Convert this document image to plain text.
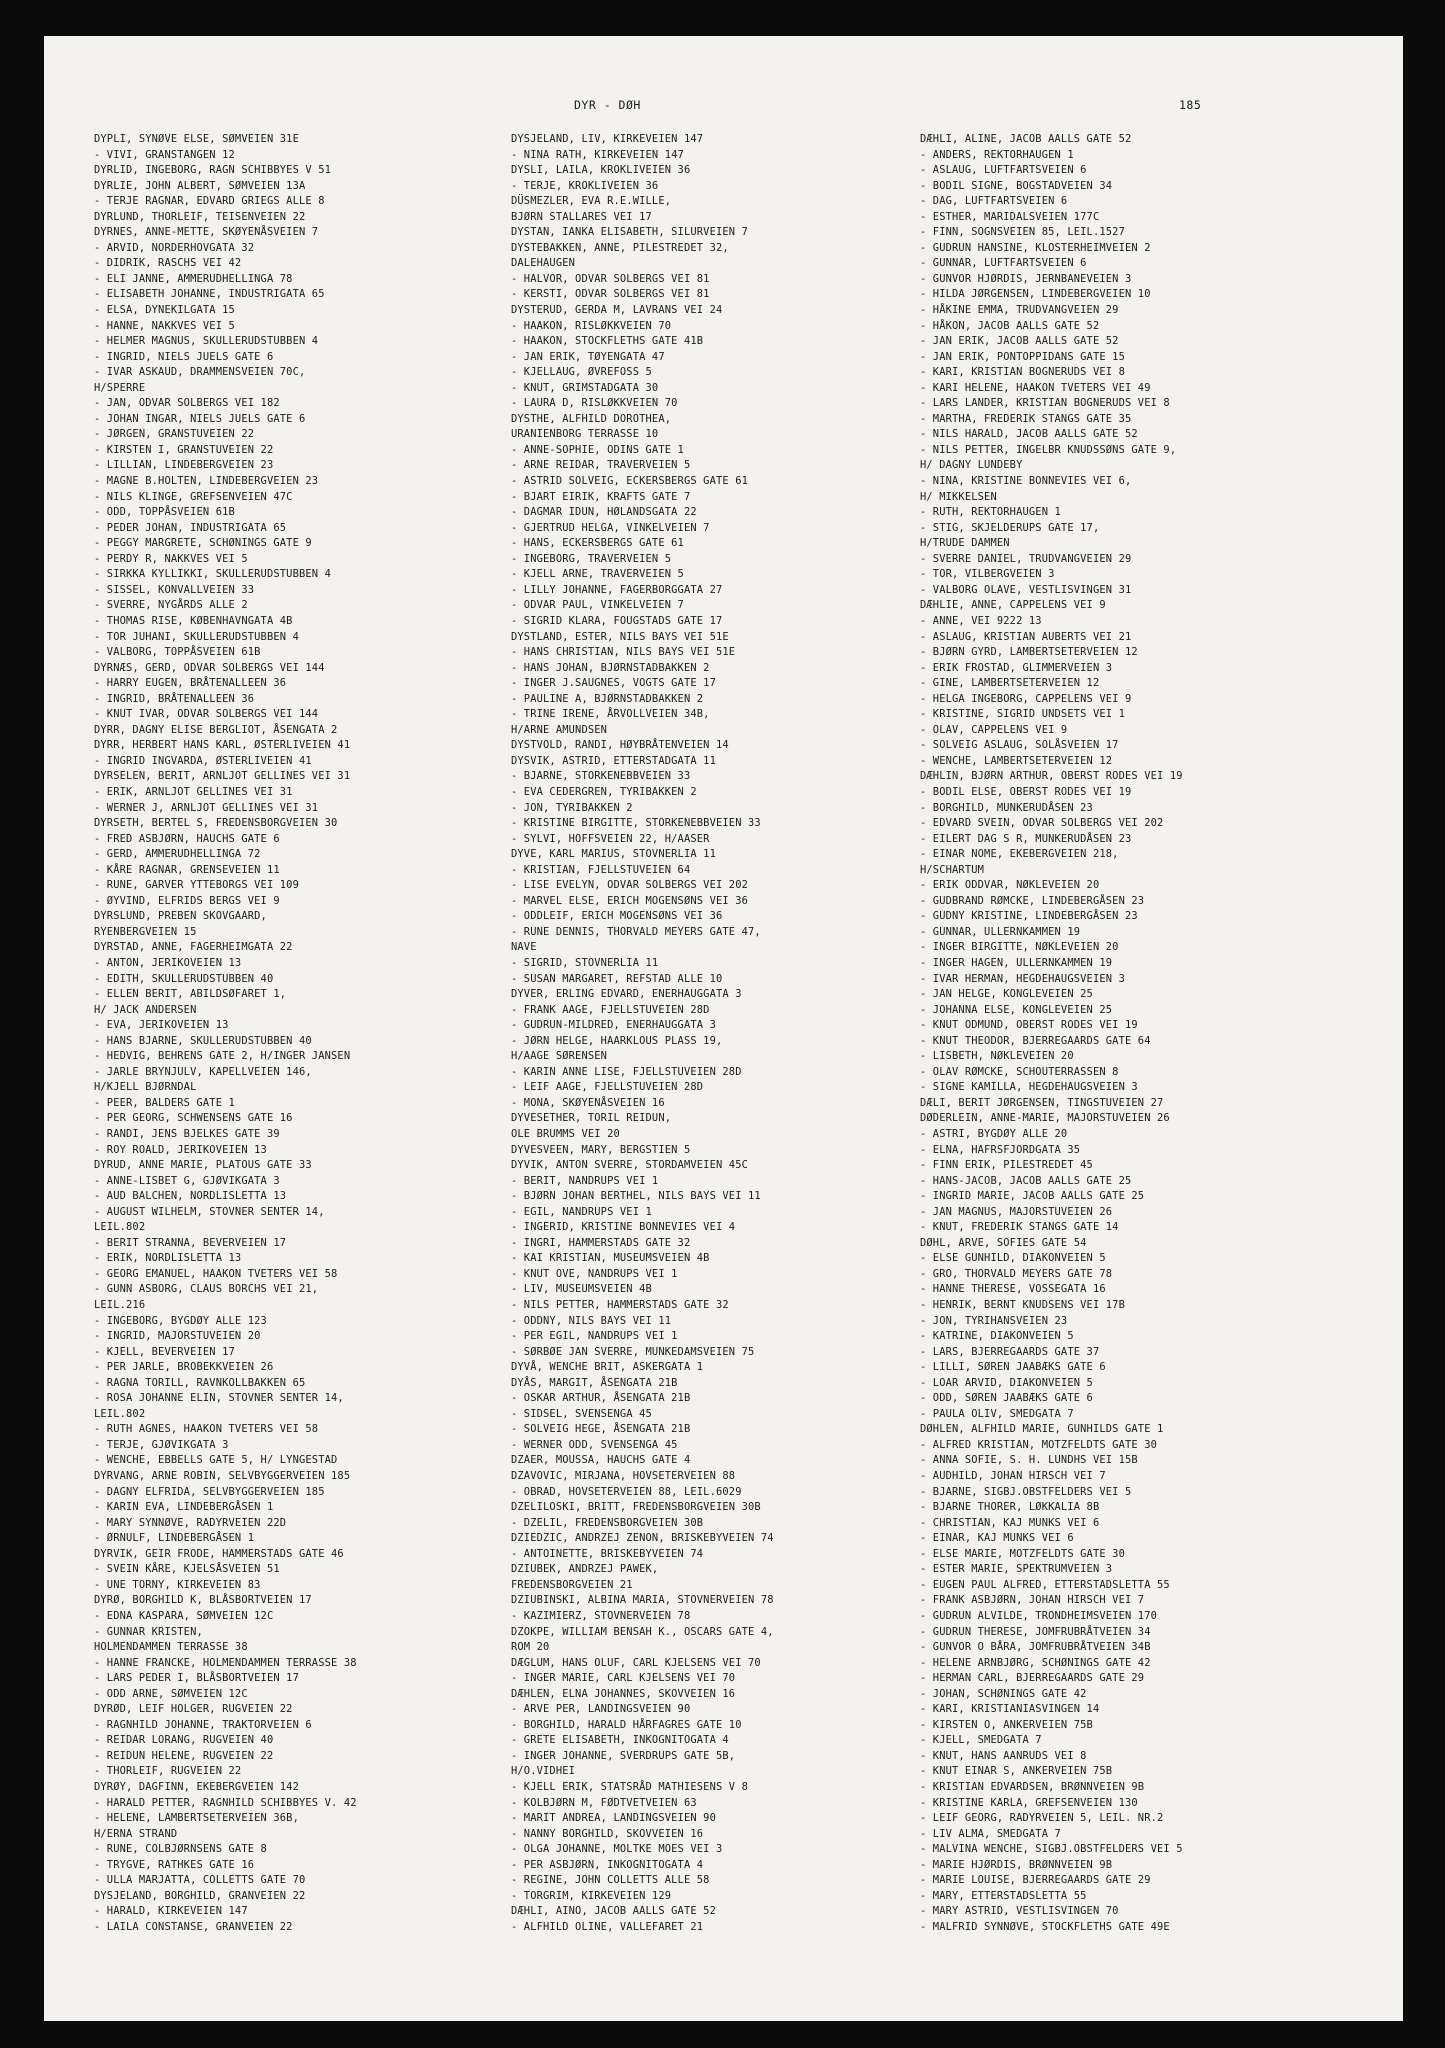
DYR - DØH	185
DYPLI, SYNØVE ELSE, SØMVEIEN 31E
- VIVI, GRANSTANGEN 12
DYRLID, INGEBORG, RAGN SCHIBBYES V 51
DYRLIE, JOHN ALBERT, SØMVEIEN 13A
- TERJE RAGNAR, EDVARD GRIEGS ALLE 8
DYRLUND, THORLEIF, TEISENVEIEN 22
DYRNES, ANNE-METTE, SKØYENÅSVEIEN 7
- ARVID, NORDERHOVGATA 32
- DIDRIK, RASCHS VEI 42
- ELI JANNE, AMMERUDHELLINGA 78
- ELISABETH JOHANNE, INDUSTRIGATA 65
- ELSA, DYNEKILGATA 15
- HANNE, NAKKVES VEI 5
- HELMER MAGNUS, SKULLERUDSTUBBEN 4
- INGRID, NIELS JUELS GATE 6
- IVAR ASKAUD, DRAMMENSVEIEN 70C,
H/SPERRE
- JAN, ODVAR SOLBERGS VEI 182
- JOHAN INGAR, NIELS JUELS GATE 6
- JØRGEN, GRANSTUVEIEN 22
- KIRSTEN I, GRANSTUVEIEN 22
- LILLIAN, LINDEBERGVEIEN 23
- MAGNE B.HOLTEN, LINDEBERGVEIEN 23
- NILS KLINGE, GREFSENVEIEN 47C
- ODD, TOPPÅSVEIEN 61B
- PEDER JOHAN, INDUSTRIGATA 65
- PEGGY MARGRETE, SCHØNINGS GATE 9
- PERDY R, NAKKVES VEI 5
- SIRKKA KYLLIKKI, SKULLERUDSTUBBEN 4
- SISSEL, KONVALLVEIEN 33
- SVERRE, NYGÅRDS ALLE 2
- THOMAS RISE, KØBENHAVNGATA 4B
- TOR JUHANI, SKULLERUDSTUBBEN 4
- VALBORG, TOPPÅSVEIEN 61B
DYRNÆS, GERD, ODVAR SOLBERGS VEI 144
- HARRY EUGEN, BRÅTENALLEEN 36
- INGRID, BRÅTENALLEEN 36
- KNUT IVAR, ODVAR SOLBERGS VEI 144
DYRR, DAGNY ELISE BERGLIOT, ÅSENGATA 2
DYRR, HERBERT HANS KARL, ØSTERLIVEIEN 41
- INGRID INGVARDA, ØSTERLIVEIEN 41
DYRSELEN, BERIT, ARNLJOT GELLINES VEI 31
- ERIK, ARNLJOT GELLINES VEI 31
- WERNER J, ARNLJOT GELLINES VEI 31
DYRSETH, BERTEL S, FREDENSBORGVEIEN 30
- FRED ASBJØRN, HAUCHS GATE 6
- GERD, AMMERUDHELLINGA 72
- KÅRE RAGNAR, GRENSEVEIEN 11
- RUNE, GARVER YTTEBORGS VEI 109
- ØYVIND, ELFRIDS BERGS VEI 9
DYRSLUND, PREBEN SKOVGAARD,
RYENBERGVEIEN 15
DYRSTAD, ANNE, FAGERHEIMGATA 22
- ANTON, JERIKOVEIEN 13
- EDITH, SKULLERUDSTUBBEN 40
- ELLEN BERIT, ABILDSØFARET 1,
H/ JACK ANDERSEN
- EVA, JERIKOVEIEN 13
- HANS BJARNE, SKULLERUDSTUBBEN 40
- HEDVIG, BEHRENS GATE 2, H/INGER JANSEN
- JARLE BRYNJULV, KAPELLVEIEN 146,
H/KJELL BJØRNDAL
- PEER, BALDERS GATE 1
- PER GEORG, SCHWENSENS GATE 16
- RANDI, JENS BJELKES GATE 39
- ROY ROALD, JERIKOVEIEN 13
DYRUD, ANNE MARIE, PLATOUS GATE 33
- ANNE-LISBET G, GJØVIKGATA 3
- AUD BALCHEN, NORDLISLETTA 13
- AUGUST WILHELM, STOVNER SENTER 14,
LEIL.802
- BERIT STRANNA, BEVERVEIEN 17
- ERIK, NORDLISLETTA 13
- GEORG EMANUEL, HAAKON TVETERS VEI 58
- GUNN ASBORG, CLAUS BORCHS VEI 21,
LEIL.216
- INGEBORG, BYGDØY ALLE 123
- INGRID, MAJORSTUVEIEN 20
- KJELL, BEVERVEIEN 17
- PER JARLE, BROBEKKVEIEN 26
- RAGNA TORILL, RAVNKOLLBAKKEN 65
- ROSA JOHANNE ELIN, STOVNER SENTER 14,
LEIL.802
- RUTH AGNES, HAAKON TVETERS VEI 58
- TERJE, GJØVIKGATA 3
- WENCHE, EBBELLS GATE 5, H/ LYNGESTAD
DYRVANG, ARNE ROBIN, SELVBYGGERVEIEN 185
- DAGNY ELFRIDA, SELVBYGGERVEIEN 185
- KARIN EVA, LINDEBERGÅSEN 1
- MARY SYNNØVE, RADYRVEIEN 22D
- ØRNULF, LINDEBERGÅSEN 1
DYRVIK, GEIR FRODE, HAMMERSTADS GATE 46
- SVEIN KÅRE, KJELSÅSVEIEN 51
- UNE TORNY, KIRKEVEIEN 83
DYRØ, BORGHILD K, BLÅSBORTVEIEN 17
- EDNA KASPARA, SØMVEIEN 12C
- GUNNAR KRISTEN,
HOLMENDAMMEN TERRASSE 38
- HANNE FRANCKE, HOLMENDAMMEN TERRASSE 38
- LARS PEDER I, BLÅSBORTVEIEN 17
- ODD ARNE, SØMVEIEN 12C
DYRØD, LEIF HOLGER, RUGVEIEN 22
- RAGNHILD JOHANNE, TRAKTORVEIEN 6
- REIDAR LORANG, RUGVEIEN 40
- REIDUN HELENE, RUGVEIEN 22
- THORLEIF, RUGVEIEN 22
DYRØY, DAGFINN, EKEBERGVEIEN 142
- HARALD PETTER, RAGNHILD SCHIBBYES V. 42
- HELENE, LAMBERTSETERVEIEN 36B,
H/ERNA STRAND
- RUNE, COLBJØRNSENS GATE 8
- TRYGVE, RATHKES GATE 16
- ULLA MARJATTA, COLLETTS GATE 70
DYSJELAND, BORGHILD, GRANVEIEN 22
- HARALD, KIRKEVEIEN 147
- LAILA CONSTANSE, GRANVEIEN 22
DYSJELAND, LIV, KIRKEVEIEN 147
- NINA RATH, KIRKEVEIEN 147
DYSLI, LAILA, KROKLIVEIEN 36
- TERJE, KROKLIVEIEN 36
DÜSMEZLER, EVA R.E.WILLE,
BJØRN STALLARES VEI 17
DYSTAN, IANKA ELISABETH, SILURVEIEN 7
DYSTEBAKKEN, ANNE, PILESTREDET 32,
DALEHAUGEN
- HALVOR, ODVAR SOLBERGS VEI 81
- KERSTI, ODVAR SOLBERGS VEI 81
DYSTERUD, GERDA M, LAVRANS VEI 24
- HAAKON, RISLØKKVEIEN 70
- HAAKON, STOCKFLETHS GATE 41B
- JAN ERIK, TØYENGATA 47
- KJELLAUG, ØVREFOSS 5
- KNUT, GRIMSTADGATA 30
- LAURA D, RISLØKKVEIEN 70
DYSTHE, ALFHILD DOROTHEA,
URANIENBORG TERRASSE 10
- ANNE-SOPHIE, ODINS GATE 1
- ARNE REIDAR, TRAVERVEIEN 5
- ASTRID SOLVEIG, ECKERSBERGS GATE 61
- BJART EIRIK, KRAFTS GATE 7
- DAGMAR IDUN, HØLANDSGATA 22
- GJERTRUD HELGA, VINKELVEIEN 7
- HANS, ECKERSBERGS GATE 61
- INGEBORG, TRAVERVEIEN 5
- KJELL ARNE, TRAVERVEIEN 5
- LILLY JOHANNE, FAGERBORGGATA 27
- ODVAR PAUL, VINKELVEIEN 7
- SIGRID KLARA, FOUGSTADS GATE 17
DYSTLAND, ESTER, NILS BAYS VEI 51E
- HANS CHRISTIAN, NILS BAYS VEI 51E
- HANS JOHAN, BJØRNSTADBAKKEN 2
- INGER J.SAUGNES, VOGTS GATE 17
- PAULINE A, BJØRNSTADBAKKEN 2
- TRINE IRENE, ÅRVOLLVEIEN 34B,
H/ARNE AMUNDSEN
DYSTVOLD, RANDI, HØYBRÅTENVEIEN 14
DYSVIK, ASTRID, ETTERSTADGATA 11
- BJARNE, STORKENEBBVEIEN 33
- EVA CEDERGREN, TYRIBAKKEN 2
- JON, TYRIBAKKEN 2
- KRISTINE BIRGITTE, STORKENEBBVEIEN 33
- SYLVI, HOFFSVEIEN 22, H/AASER
DYVE, KARL MARIUS, STOVNERLIA 11
- KRISTIAN, FJELLSTUVEIEN 64
- LISE EVELYN, ODVAR SOLBERGS VEI 202
- MARVEL ELSE, ERICH MOGENSØNS VEI 36
- ODDLEIF, ERICH MOGENSØNS VEI 36
- RUNE DENNIS, THORVALD MEYERS GATE 47,
NAVE
- SIGRID, STOVNERLIA 11
- SUSAN MARGARET, REFSTAD ALLE 10
DYVER, ERLING EDVARD, ENERHAUGGATA 3
- FRANK AAGE, FJELLSTUVEIEN 28D
- GUDRUN-MILDRED, ENERHAUGGATA 3
- JØRN HELGE, HAARKLOUS PLASS 19,
H/AAGE SØRENSEN
- KARIN ANNE LISE, FJELLSTUVEIEN 28D
- LEIF AAGE, FJELLSTUVEIEN 28D
- MONA, SKØYENÅSVEIEN 16
DYVESETHER, TORIL REIDUN,
OLE BRUMMS VEI 20
DYVESVEEN, MARY, BERGSTIEN 5
DYVIK, ANTON SVERRE, STORDAMVEIEN 45C
- BERIT, NANDRUPS VEI 1
- BJØRN JOHAN BERTHEL, NILS BAYS VEI 11
- EGIL, NANDRUPS VEI 1
- INGERID, KRISTINE BONNEVIES VEI 4
- INGRI, HAMMERSTADS GATE 32
- KAI KRISTIAN, MUSEUMSVEIEN 4B
- KNUT OVE, NANDRUPS VEI 1
- LIV, MUSEUMSVEIEN 4B
- NILS PETTER, HAMMERSTADS GATE 32
- ODDNY, NILS BAYS VEI 11
- PER EGIL, NANDRUPS VEI 1
- SØRBØE JAN SVERRE, MUNKEDAMSVEIEN 75
DYVÅ, WENCHE BRIT, ASKERGATA 1
DYÅS, MARGIT, ÅSENGATA 21B
- OSKAR ARTHUR, ÅSENGATA 21B
- SIDSEL, SVENSENGA 45
- SOLVEIG HEGE, ÅSENGATA 21B
- WERNER ODD, SVENSENGA 45
DZAER, MOUSSA, HAUCHS GATE 4
DZAVOVIC, MIRJANA, HOVSETERVEIEN 88
- OBRAD, HOVSETERVEIEN 88, LEIL.6029
DZELILOSKI, BRITT, FREDENSBORGVEIEN 30B
- DZELIL, FREDENSBORGVEIEN 30B
DZIEDZIC, ANDRZEJ ZENON, BRISKEBYVEIEN 74
- ANTOINETTE, BRISKEBYVEIEN 74
DZIUBEK, ANDRZEJ PAWEK,
FREDENSBORGVEIEN 21
DZIUBINSKI, ALBINA MARIA, STOVNERVEIEN 78
- KAZIMIERZ, STOVNERVEIEN 78
DZOKPE, WILLIAM BENSAH K., OSCARS GATE 4,
ROM 20
DÆGLUM, HANS OLUF, CARL KJELSENS VEI 70
- INGER MARIE, CARL KJELSENS VEI 70
DÆHLEN, ELNA JOHANNES, SKOVVEIEN 16
- ARVE PER, LANDINGSVEIEN 90
- BORGHILD, HARALD HÅRFAGRES GATE 10
- GRETE ELISABETH, INKOGNITOGATA 4
- INGER JOHANNE, SVERDRUPS GATE 5B,
H/O.VIDHEI
- KJELL ERIK, STATSRÅD MATHIESENS V 8
- KOLBJØRN M, FØDTVETVEIEN 63
- MARIT ANDREA, LANDINGSVEIEN 90
- NANNY BORGHILD, SKOVVEIEN 16
- OLGA JOHANNE, MOLTKE MOES VEI 3
- PER ASBJØRN, INKOGNITOGATA 4
- REGINE, JOHN COLLETTS ALLE 58
- TORGRIM, KIRKEVEIEN 129
DÆHLI, AINO, JACOB AALLS GATE 52
- ALFHILD OLINE, VALLEFARET 21
DÆHLI, ALINE, JACOB AALLS GATE 52
- ANDERS, REKTORHAUGEN 1
- ASLAUG, LUFTFARTSVEIEN 6
- BODIL SIGNE, BOGSTADVEIEN 34
- DAG, LUFTFARTSVEIEN 6
- ESTHER, MARIDALSVEIEN 177C
- FINN, SOGNSVEIEN 85, LEIL.1527
- GUDRUN HANSINE, KLOSTERHEIMVEIEN 2
- GUNNAR, LUFTFARTSVEIEN 6
- GUNVOR HJØRDIS, JERNBANEVEIEN 3
- HILDA JØRGENSEN, LINDEBERGVEIEN 10
- HÅKINE EMMA, TRUDVANGVEIEN 29
- HÅKON, JACOB AALLS GATE 52
- JAN ERIK, JACOB AALLS GATE 52
- JAN ERIK, PONTOPPIDANS GATE 15
- KARI, KRISTIAN BOGNERUDS VEI 8
- KARI HELENE, HAAKON TVETERS VEI 49
- LARS LANDER, KRISTIAN BOGNERUDS VEI 8
- MARTHA, FREDERIK STANGS GATE 35
- NILS HARALD, JACOB AALLS GATE 52
- NILS PETTER, INGELBR KNUDSSØNS GATE 9,
H/ DAGNY LUNDEBY
- NINA, KRISTINE BONNEVIES VEI 6,
H/ MIKKELSEN
- RUTH, REKTORHAUGEN 1
- STIG, SKJELDERUPS GATE 17,
H/TRUDE DAMMEN
- SVERRE DANIEL, TRUDVANGVEIEN 29
- TOR, VILBERGVEIEN 3
- VALBORG OLAVE, VESTLISVINGEN 31
DÆHLIE, ANNE, CAPPELENS VEI 9
- ANNE, VEI 9222 13
- ASLAUG, KRISTIAN AUBERTS VEI 21
- BJØRN GYRD, LAMBERTSETERVEIEN 12
- ERIK FROSTAD, GLIMMERVEIEN 3
- GINE, LAMBERTSETERVEIEN 12
- HELGA INGEBORG, CAPPELENS VEI 9
- KRISTINE, SIGRID UNDSETS VEI 1
- OLAV, CAPPELENS VEI 9
- SOLVEIG ASLAUG, SOLÅSVEIEN 17
- WENCHE, LAMBERTSETERVEIEN 12
DÆHLIN, BJØRN ARTHUR, OBERST RODES VEI 19
- BODIL ELSE, OBERST RODES VEI 19
- BORGHILD, MUNKERUDÅSEN 23
- EDVARD SVEIN, ODVAR SOLBERGS VEI 202
- EILERT DAG S R, MUNKERUDÅSEN 23
- EINAR NOME, EKEBERGVEIEN 218,
H/SCHARTUM
- ERIK ODDVAR, NØKLEVEIEN 20
- GUDBRAND RØMCKE, LINDEBERGÅSEN 23
- GUDNY KRISTINE, LINDEBERGÅSEN 23
- GUNNAR, ULLERNKAMMEN 19
- INGER BIRGITTE, NØKLEVEIEN 20
- INGER HAGEN, ULLERNKAMMEN 19
- IVAR HERMAN, HEGDEHAUGSVEIEN 3
- JAN HELGE, KONGLEVEIEN 25
- JOHANNA ELSE, KONGLEVEIEN 25
- KNUT ODMUND, OBERST RODES VEI 19
- KNUT THEODOR, BJERREGAARDS GATE 64
- LISBETH, NØKLEVEIEN 20
- OLAV RØMCKE, SCHOUTERRASSEN 8
- SIGNE KAMILLA, HEGDEHAUGSVEIEN 3
DÆLI, BERIT JØRGENSEN, TINGSTUVEIEN 27
DØDERLEIN, ANNE-MARIE, MAJORSTUVEIEN 26
- ASTRI, BYGDØY ALLE 20
- ELNA, HAFRSFJORDGATA 35
- FINN ERIK, PILESTREDET 45
- HANS-JACOB, JACOB AALLS GATE 25
- INGRID MARIE, JACOB AALLS GATE 25
- JAN MAGNUS, MAJORSTUVEIEN 26
- KNUT, FREDERIK STANGS GATE 14
DØHL, ARVE, SOFIES GATE 54
- ELSE GUNHILD, DIAKONVEIEN 5
- GRO, THORVALD MEYERS GATE 78
- HANNE THERESE, VOSSEGATA 16
- HENRIK, BERNT KNUDSENS VEI 17B
- JON, TYRIHANSVEIEN 23
- KATRINE, DIAKONVEIEN 5
- LARS, BJERREGAARDS GATE 37
- LILLI, SØREN JAABÆKS GATE 6
- LOAR ARVID, DIAKONVEIEN 5
- ODD, SØREN JAABÆKS GATE 6
- PAULA OLIV, SMEDGATA 7
DØHLEN, ALFHILD MARIE, GUNHILDS GATE 1
- ALFRED KRISTIAN, MOTZFELDTS GATE 30
- ANNA SOFIE, S. H. LUNDHS VEI 15B
- AUDHILD, JOHAN HIRSCH VEI 7
- BJARNE, SIGBJ.OBSTFELDERS VEI 5
- BJARNE THORER, LØKKALIA 8B
- CHRISTIAN, KAJ MUNKS VEI 6
- EINAR, KAJ MUNKS VEI 6
- ELSE MARIE, MOTZFELDTS GATE 30
- ESTER MARIE, SPEKTRUMVEIEN 3
- EUGEN PAUL ALFRED, ETTERSTADSLETTA 55
- FRANK ASBJØRN, JOHAN HIRSCH VEI 7
- GUDRUN ALVILDE, TRONDHEIMSVEIEN 170
- GUDRUN THERESE, JOMFRUBRÅTVEIEN 34
- GUNVOR O BÅRA, JOMFRUBRÅTVEIEN 34B
- HELENE ARNBJØRG, SCHØNINGS GATE 42
- HERMAN CARL, BJERREGAARDS GATE 29
- JOHAN, SCHØNINGS GATE 42
- KARI, KRISTIANIASVINGEN 14
- KIRSTEN O, ANKERVEIEN 75B
- KJELL, SMEDGATA 7
- KNUT, HANS AANRUDS VEI 8
- KNUT EINAR S, ANKERVEIEN 75B
- KRISTIAN EDVARDSEN, BRØNNVEIEN 9B
- KRISTINE KARLA, GREFSENVEIEN 130
- LEIF GEORG, RADYRVEIEN 5, LEIL. NR.2
- LIV ALMA, SMEDGATA 7
- MALVINA WENCHE, SIGBJ.OBSTFELDERS VEI 5
- MARIE HJØRDIS, BRØNNVEIEN 9B
- MARIE LOUISE, BJERREGAARDS GATE 29
- MARY, ETTERSTADSLETTA 55
- MARY ASTRID, VESTLISVINGEN 70
- MALFRID SYNNØVE, STOCKFLETHS GATE 49E
